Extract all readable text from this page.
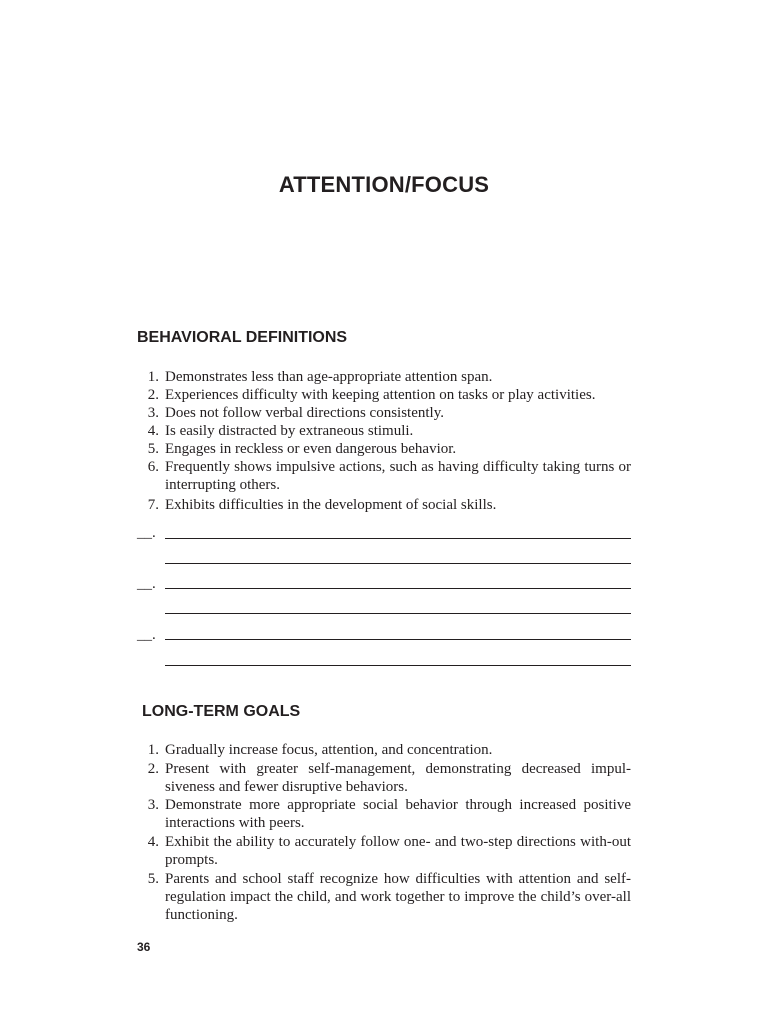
ATTENTION/FOCUS
BEHAVIORAL DEFINITIONS
1. Demonstrates less than age-appropriate attention span.
2. Experiences difficulty with keeping attention on tasks or play activities.
3. Does not follow verbal directions consistently.
4. Is easily distracted by extraneous stimuli.
5. Engages in reckless or even dangerous behavior.
6. Frequently shows impulsive actions, such as having difficulty taking turns or interrupting others.
7. Exhibits difficulties in the development of social skills.
__.
__.
__.
LONG-TERM GOALS
1. Gradually increase focus, attention, and concentration.
2. Present with greater self-management, demonstrating decreased impul-siveness and fewer disruptive behaviors.
3. Demonstrate more appropriate social behavior through increased positive interactions with peers.
4. Exhibit the ability to accurately follow one- and two-step directions with-out prompts.
5. Parents and school staff recognize how difficulties with attention and self-regulation impact the child, and work together to improve the child’s over-all functioning.
36
